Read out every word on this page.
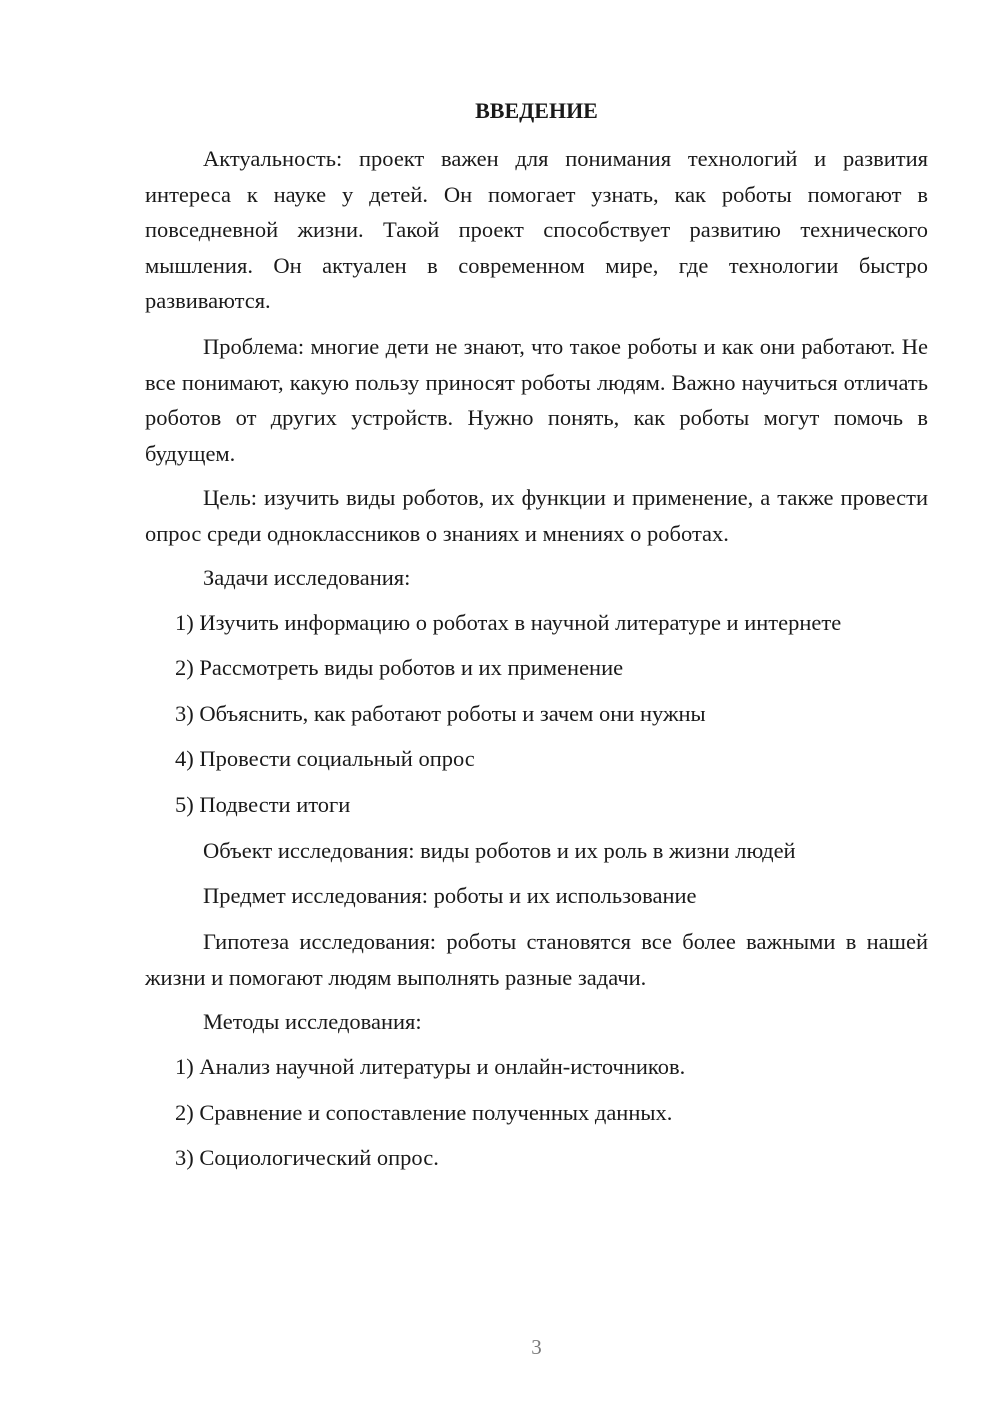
ВВЕДЕНИЕ

Актуальность: проект важен для понимания технологий и развития интереса к науке у детей. Он помогает узнать, как роботы помогают в повседневной жизни. Такой проект способствует развитию технического мышления. Он актуален в современном мире, где технологии быстро развиваются.

Проблема: многие дети не знают, что такое роботы и как они работают. Не все понимают, какую пользу приносят роботы людям. Важно научиться отличать роботов от других устройств. Нужно понять, как роботы могут помочь в будущем.

Цель: изучить виды роботов, их функции и применение, а также провести опрос среди одноклассников о знаниях и мнениях о роботах.

Задачи исследования:

1) Изучить информацию о роботах в научной литературе и интернете

2) Рассмотреть виды роботов и их применение

3) Объяснить, как работают роботы и зачем они нужны

4) Провести социальный опрос

5) Подвести итоги

Объект исследования: виды роботов и их роль в жизни людей

Предмет исследования: роботы и их использование

Гипотеза исследования: роботы становятся все более важными в нашей жизни и помогают людям выполнять разные задачи.

Методы исследования:

1) Анализ научной литературы и онлайн-источников.

2) Сравнение и сопоставление полученных данных.

3) Социологический опрос.

3
